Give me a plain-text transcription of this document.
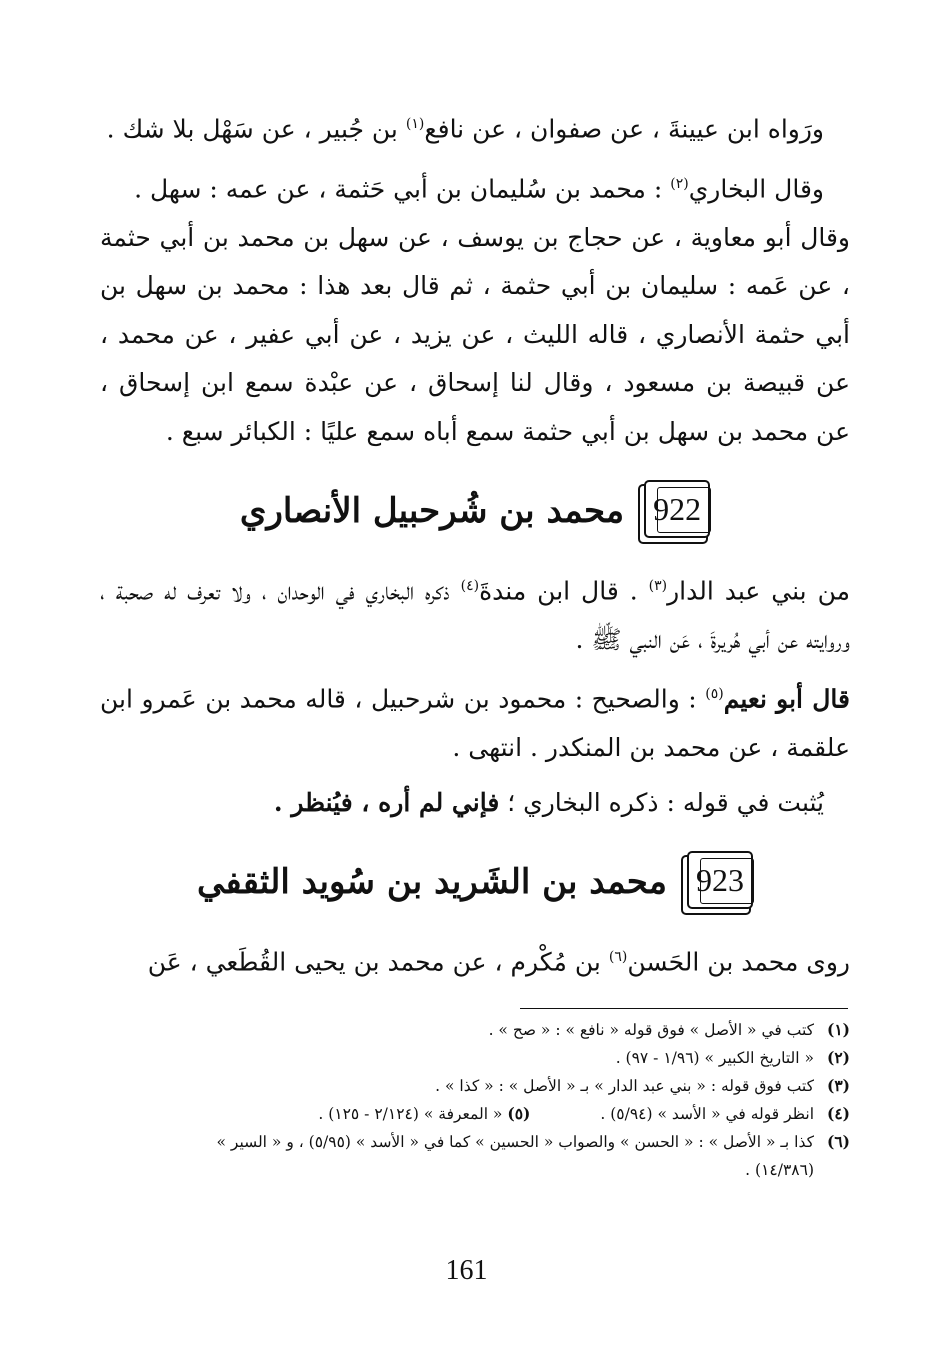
ورَواه ابن عيينةَ ، عن صفوان ، عن نافع$^{(١)}$ بن جُبير ، عن سَهْل بلا شك .

وقال البخاري$^{(٢)}$ : محمد بن سُليمان بن أبي حَثمة ، عن عمه : سهل .

وقال أبو معاوية ، عن حجاج بن يوسف ، عن سهل بن محمد بن أبي حثمة ، عن عَمه : سليمان بن أبي حثمة ، ثم قال بعد هذا : محمد بن سهل بن أبي حثمة الأنصاري ، قاله الليث ، عن يزيد ، عن أبي عفير ، عن محمد ، عن قبيصة بن مسعود ، وقال لنا إسحاق ، عن عبْدة سمع ابن إسحاق ، عن محمد بن سهل بن أبي حثمة سمع أباه سمع عليًا : الكبائر سبع .

922
محمد بن شُرحبيل الأنصاري

من بني عبد الدار$^{(٣)}$ . قال ابن مندةَ$^{(٤)}$ ذكره البخاري في الوحدان ، ولا تعرف له صحبة ، وروايته عن أبي هُريرةَ ، عَن النبي ﷺ .

قال أبو نعيم$^{(٥)}$ : والصحيح : محمود بن شرحبيل ، قاله محمد بن عَمرو ابن علقمة ، عن محمد بن المنكدر . انتهى .

يُثبت في قوله : ذكره البخاري ؛ فإني لم أره ، فيُنظر .

923
محمد بن الشَريد بن سُويد الثقفي

روى محمد بن الحَسن$^{(٦)}$ بن مُكْرم ، عن محمد بن يحيى القُطَعي ، عَن

(١)
كتب في « الأصل » فوق قوله « نافع » : « صح » .

(٢)
« التاريخ الكبير » (١/٩٦ - ٩٧) .

(٣)
كتب فوق قوله : « بني عبد الدار » بـ « الأصل » : « كذا » .

(٤)
انظر قوله في « الأسد » (٥/٩٤) .
(٥) « المعرفة » (٢/١٢٤ - ١٢٥) .

(٦)
كذا بـ « الأصل » : « الحسن » والصواب « الحسين » كما في « الأسد » (٥/٩٥) ، و « السير »

(١٤/٣٨٦) .

161
